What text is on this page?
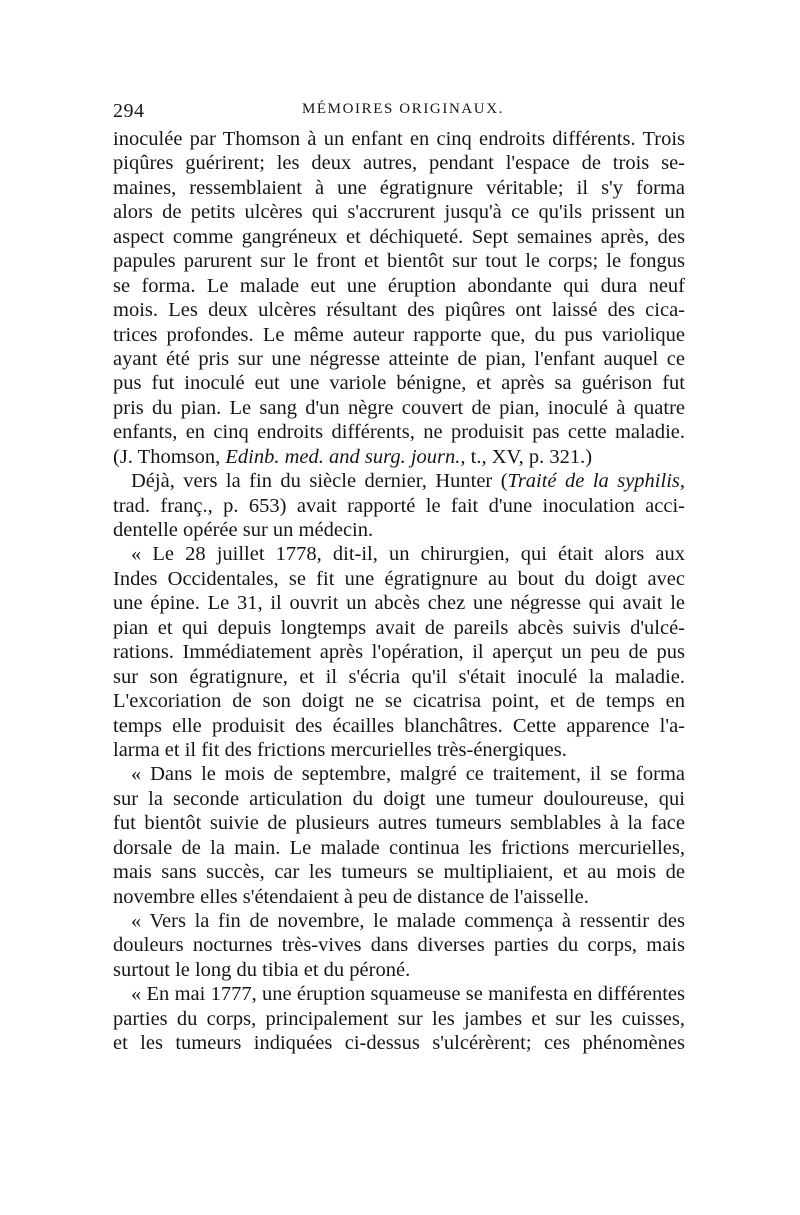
294	MÉMOIRES ORIGINAUX.
inoculée par Thomson à un enfant en cinq endroits différents. Trois
piqûres guérirent; les deux autres, pendant l'espace de trois se-
maines, ressemblaient à une égratignure véritable; il s'y forma
alors de petits ulcères qui s'accrurent jusqu'à ce qu'ils prissent un
aspect comme gangréneux et déchiqueté. Sept semaines après, des
papules parurent sur le front et bientôt sur tout le corps; le fongus
se forma. Le malade eut une éruption abondante qui dura neuf
mois. Les deux ulcères résultant des piqûres ont laissé des cica-
trices profondes. Le même auteur rapporte que, du pus variolique
ayant été pris sur une négresse atteinte de pian, l'enfant auquel ce
pus fut inoculé eut une variole bénigne, et après sa guérison fut
pris du pian. Le sang d'un nègre couvert de pian, inoculé à quatre
enfants, en cinq endroits différents, ne produisit pas cette maladie.
(J. Thomson, Edinb. med. and surg. journ., t., XV, p. 321.)
Déjà, vers la fin du siècle dernier, Hunter (Traité de la syphilis,
trad. franç., p. 653) avait rapporté le fait d'une inoculation acci-
dentelle opérée sur un médecin.
« Le 28 juillet 1778, dit-il, un chirurgien, qui était alors aux
Indes Occidentales, se fit une égratignure au bout du doigt avec
une épine. Le 31, il ouvrit un abcès chez une négresse qui avait le
pian et qui depuis longtemps avait de pareils abcès suivis d'ulcé-
rations. Immédiatement après l'opération, il aperçut un peu de pus
sur son égratignure, et il s'écria qu'il s'était inoculé la maladie.
L'excoriation de son doigt ne se cicatrisa point, et de temps en
temps elle produisit des écailles blanchâtres. Cette apparence l'a-
larma et il fit des frictions mercurielles très-énergiques.
« Dans le mois de septembre, malgré ce traitement, il se forma
sur la seconde articulation du doigt une tumeur douloureuse, qui
fut bientôt suivie de plusieurs autres tumeurs semblables à la face
dorsale de la main. Le malade continua les frictions mercurielles,
mais sans succès, car les tumeurs se multipliaient, et au mois de
novembre elles s'étendaient à peu de distance de l'aisselle.
« Vers la fin de novembre, le malade commença à ressentir des
douleurs nocturnes très-vives dans diverses parties du corps, mais
surtout le long du tibia et du péroné.
« En mai 1777, une éruption squameuse se manifesta en différentes
parties du corps, principalement sur les jambes et sur les cuisses,
et les tumeurs indiquées ci-dessus s'ulcérèrent; ces phénomènes
